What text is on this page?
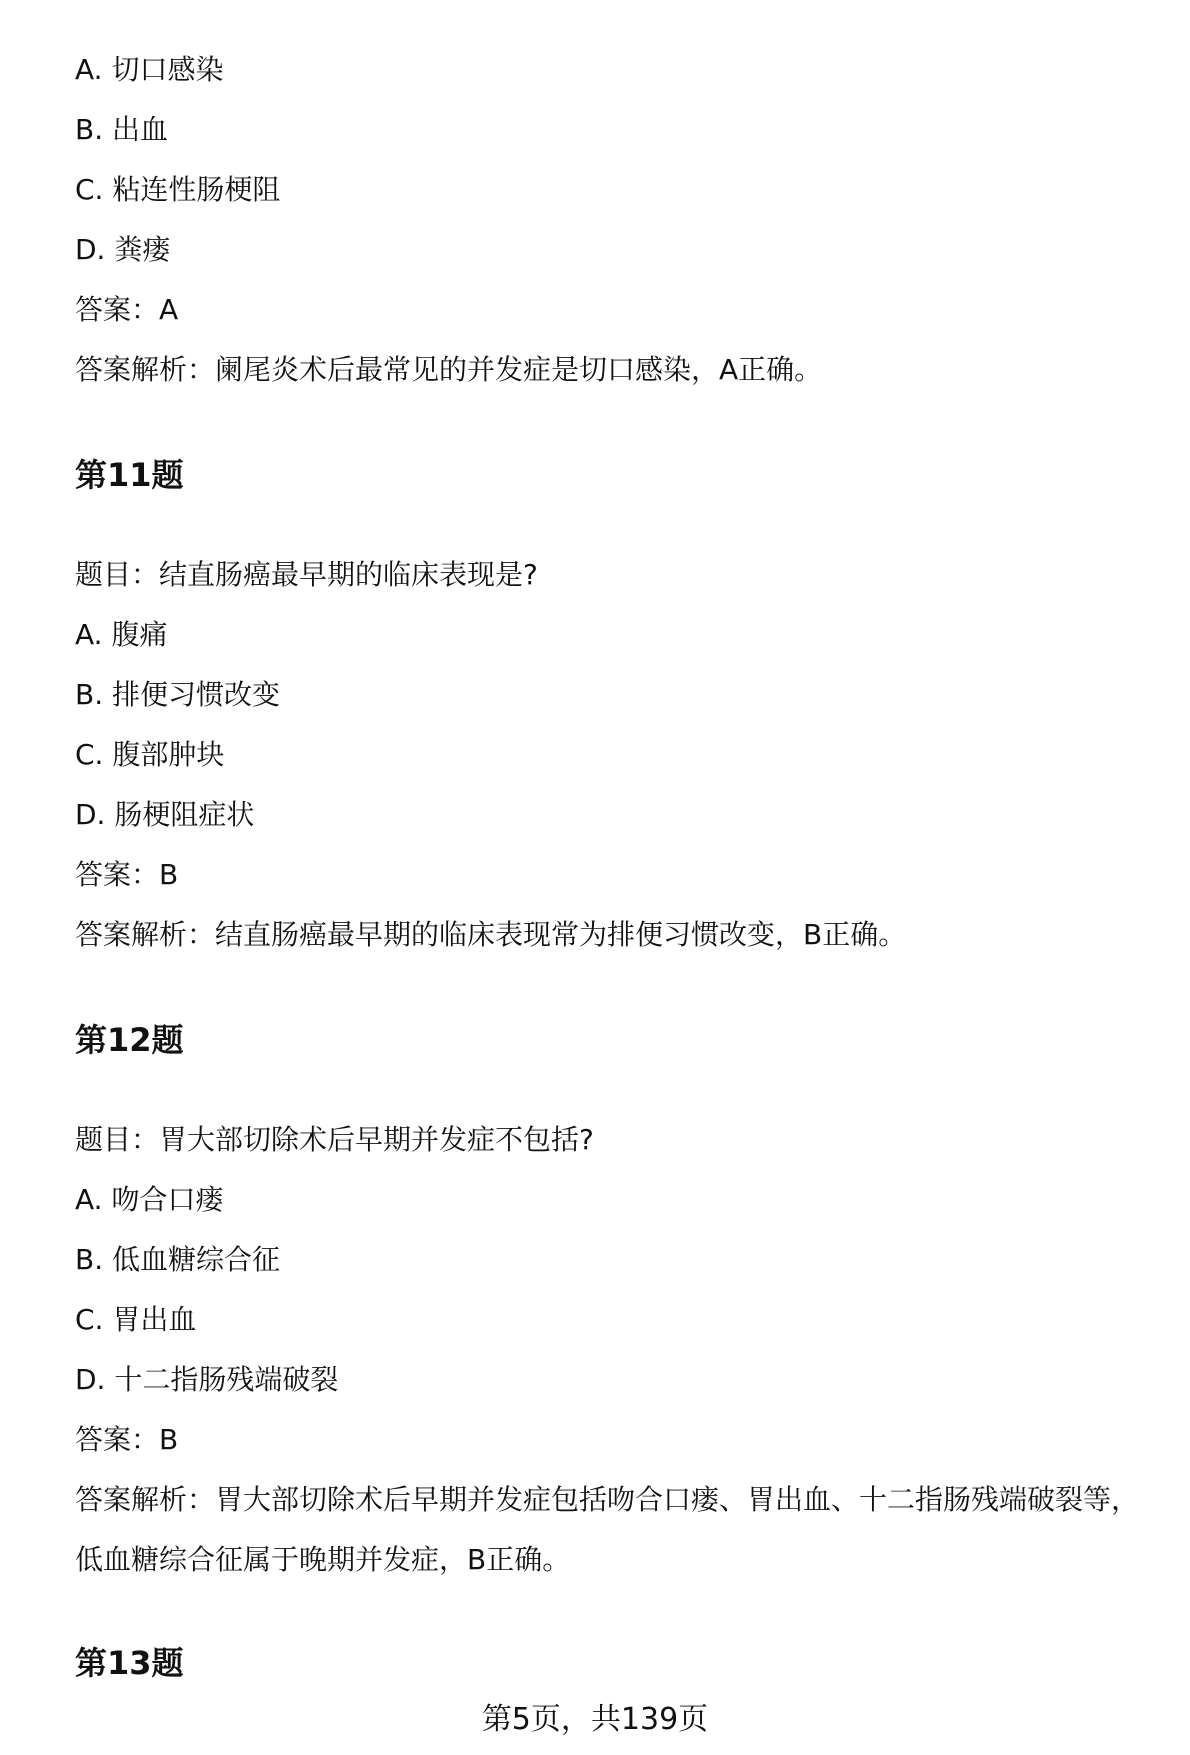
A. 切口感染
B. 出血
C. 粘连性肠梗阻
D. 粪瘘
答案：A
答案解析：阑尾炎术后最常见的并发症是切口感染，A正确。
第11题
题目：结直肠癌最早期的临床表现是?
A. 腹痛
B. 排便习惯改变
C. 腹部肿块
D. 肠梗阻症状
答案：B
答案解析：结直肠癌最早期的临床表现常为排便习惯改变，B正确。
第12题
题目：胃大部切除术后早期并发症不包括?
A. 吻合口瘘
B. 低血糖综合征
C. 胃出血
D. 十二指肠残端破裂
答案：B
答案解析：胃大部切除术后早期并发症包括吻合口瘘、胃出血、十二指肠残端破裂等，低血糖综合征属于晚期并发症，B正确。
第13题
第5页，共139页
